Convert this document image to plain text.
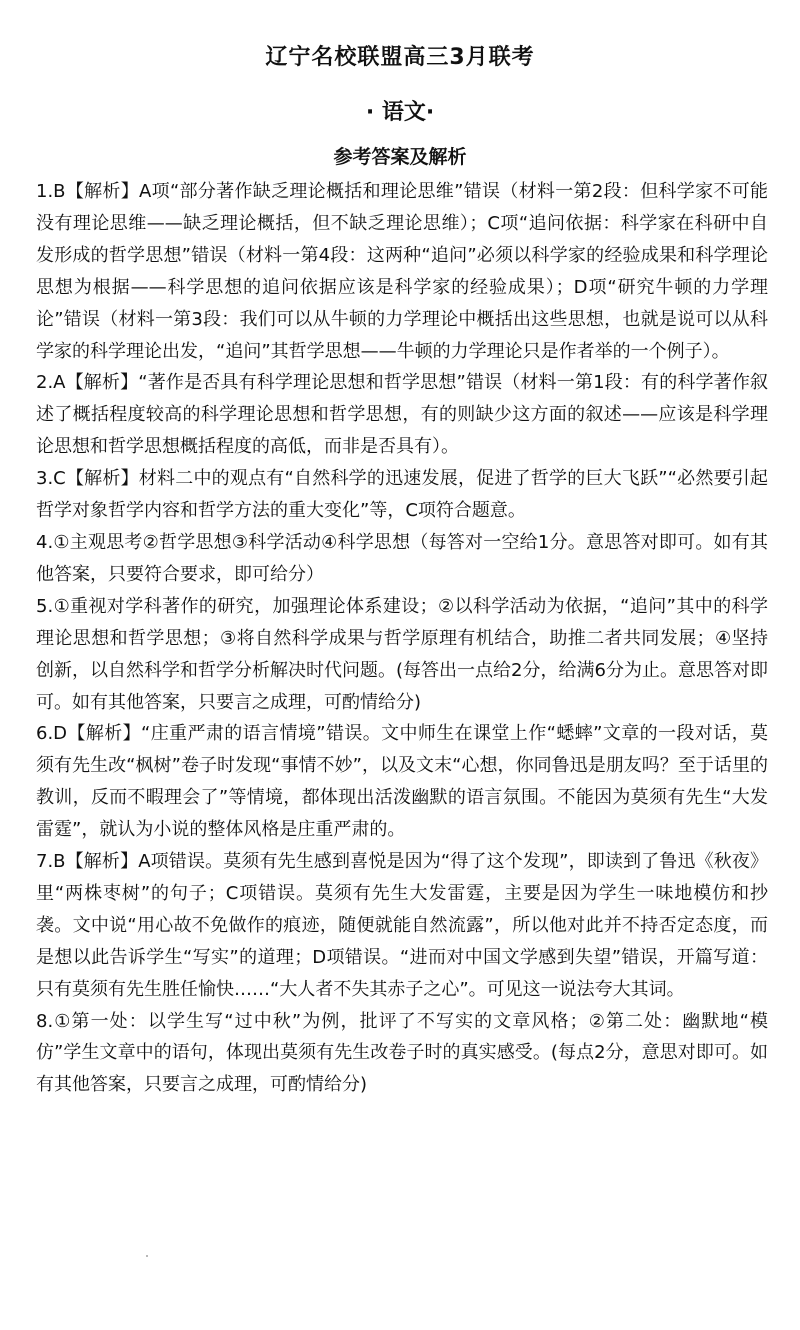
辽宁名校联盟高三3月联考
· 语文·
参考答案及解析

1.B【解析】A项“部分著作缺乏理论概括和理论思维”错误（材料一第2段：但科学家不可能没有理论思维——缺乏理论概括，但不缺乏理论思维）；C项“追问依据：科学家在科研中自发形成的哲学思想”错误（材料一第4段：这两种“追问”必须以科学家的经验成果和科学理论思想为根据——科学思想的追问依据应该是科学家的经验成果）；D项“研究牛顿的力学理论”错误（材料一第3段：我们可以从牛顿的力学理论中概括出这些思想，也就是说可以从科学家的科学理论出发，“追问”其哲学思想——牛顿的力学理论只是作者举的一个例子）。

2.A【解析】“著作是否具有科学理论思想和哲学思想”错误（材料一第1段：有的科学著作叙述了概括程度较高的科学理论思想和哲学思想，有的则缺少这方面的叙述——应该是科学理论思想和哲学思想概括程度的高低，而非是否具有）。

3.C【解析】材料二中的观点有“自然科学的迅速发展，促进了哲学的巨大飞跃”“必然要引起哲学对象哲学内容和哲学方法的重大变化”等，C项符合题意。

4.①主观思考②哲学思想③科学活动④科学思想（每答对一空给1分。意思答对即可。如有其他答案，只要符合要求，即可给分）

5.①重视对学科著作的研究，加强理论体系建设；②以科学活动为依据，“追问”其中的科学理论思想和哲学思想；③将自然科学成果与哲学原理有机结合，助推二者共同发展；④坚持创新，以自然科学和哲学分析解决时代问题。(每答出一点给2分，给满6分为止。意思答对即可。如有其他答案，只要言之成理，可酌情给分)

6.D【解析】“庄重严肃的语言情境”错误。文中师生在课堂上作“蟋蟀”文章的一段对话，莫须有先生改“枫树”卷子时发现“事情不妙”，以及文末“心想，你同鲁迅是朋友吗？至于话里的教训，反而不暇理会了”等情境，都体现出活泼幽默的语言氛围。不能因为莫须有先生“大发雷霆”，就认为小说的整体风格是庄重严肃的。

7.B【解析】A项错误。莫须有先生感到喜悦是因为“得了这个发现”，即读到了鲁迅《秋夜》里“两株枣树”的句子；C项错误。莫须有先生大发雷霆，主要是因为学生一味地模仿和抄袭。文中说“用心故不免做作的痕迹，随便就能自然流露”，所以他对此并不持否定态度，而是想以此告诉学生“写实”的道理；D项错误。“进而对中国文学感到失望”错误，开篇写道：只有莫须有先生胜任愉快……“大人者不失其赤子之心”。可见这一说法夸大其词。

8.①第一处：以学生写“过中秋”为例，批评了不写实的文章风格；②第二处：幽默地“模仿”学生文章中的语句，体现出莫须有先生改卷子时的真实感受。(每点2分，意思对即可。如有其他答案，只要言之成理，可酌情给分)
